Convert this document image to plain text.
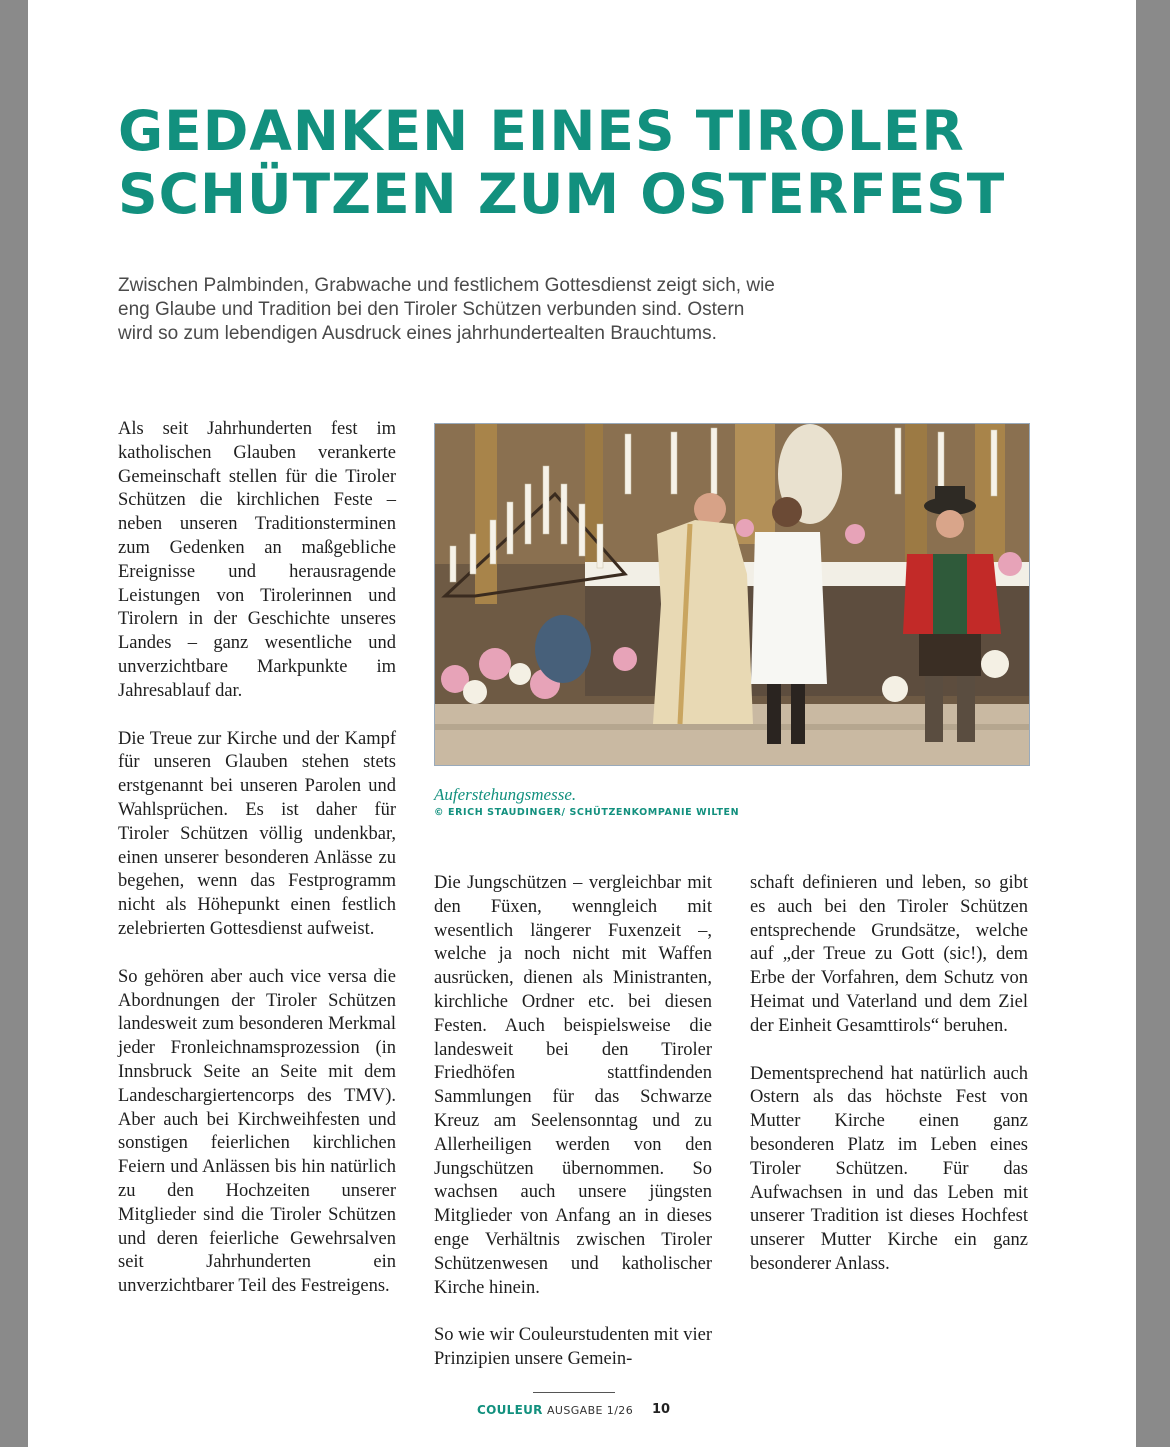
GEDANKEN EINES TIROLER
SCHÜTZEN ZUM OSTERFEST

Zwischen Palmbinden, Grabwache und festlichem Gottesdienst zeigt sich, wie
eng Glaube und Tradition bei den Tiroler Schützen verbunden sind. Ostern
wird so zum lebendigen Ausdruck eines jahrhundertealten Brauchtums.

Als seit Jahrhunderten fest im katholischen Glauben verankerte Gemeinschaft stellen für die Tiroler Schützen die kirchlichen Feste – neben unseren Traditionsterminen zum Gedenken an maßgebliche Ereignisse und herausragende Leistungen von Tirolerinnen und Tirolern in der Geschichte unseres Landes – ganz wesentliche und unverzichtbare Markpunkte im Jahresablauf dar.

Die Treue zur Kirche und der Kampf für unseren Glauben stehen stets erstgenannt bei unseren Parolen und Wahlsprüchen. Es ist daher für Tiroler Schützen völlig undenkbar, einen unserer besonderen Anlässe zu begehen, wenn das Festprogramm nicht als Höhepunkt einen festlich zelebrierten Gottesdienst aufweist.

So gehören aber auch vice versa die Abordnungen der Tiroler Schützen landesweit zum besonderen Merkmal jeder Fronleichnamsprozession (in Innsbruck Seite an Seite mit dem Landeschargiertencorps des TMV). Aber auch bei Kirchweihfesten und sonstigen feierlichen kirchlichen Feiern und Anlässen bis hin natürlich zu den Hochzeiten unserer Mitglieder sind die Tiroler Schützen und deren feierliche Gewehrsalven seit Jahrhunderten ein unverzichtbarer Teil des Festreigens.

Auferstehungsmesse.
© ERICH STAUDINGER/ SCHÜTZENKOMPANIE WILTEN

Die Jungschützen – vergleichbar mit den Füxen, wenngleich mit wesentlich längerer Fuxenzeit –, welche ja noch nicht mit Waffen ausrücken, dienen als Ministranten, kirchliche Ordner etc. bei diesen Festen. Auch beispielsweise die landesweit bei den Tiroler Friedhöfen stattfindenden Sammlungen für das Schwarze Kreuz am Seelensonntag und zu Allerheiligen werden von den Jungschützen übernommen. So wachsen auch unsere jüngsten Mitglieder von Anfang an in dieses enge Verhältnis zwischen Tiroler Schützenwesen und katholischer Kirche hinein.

So wie wir Couleurstudenten mit vier Prinzipien unsere Gemein-

schaft definieren und leben, so gibt es auch bei den Tiroler Schützen entsprechende Grundsätze, welche auf „der Treue zu Gott (sic!), dem Erbe der Vorfahren, dem Schutz von Heimat und Vaterland und dem Ziel der Einheit Gesamttirols“ beruhen.

Dementsprechend hat natürlich auch Ostern als das höchste Fest von Mutter Kirche einen ganz besonderen Platz im Leben eines Tiroler Schützen. Für das Aufwachsen in und das Leben mit unserer Tradition ist dieses Hochfest unserer Mutter Kirche ein ganz besonderer Anlass.

COULEUR AUSGABE 1/26 10
